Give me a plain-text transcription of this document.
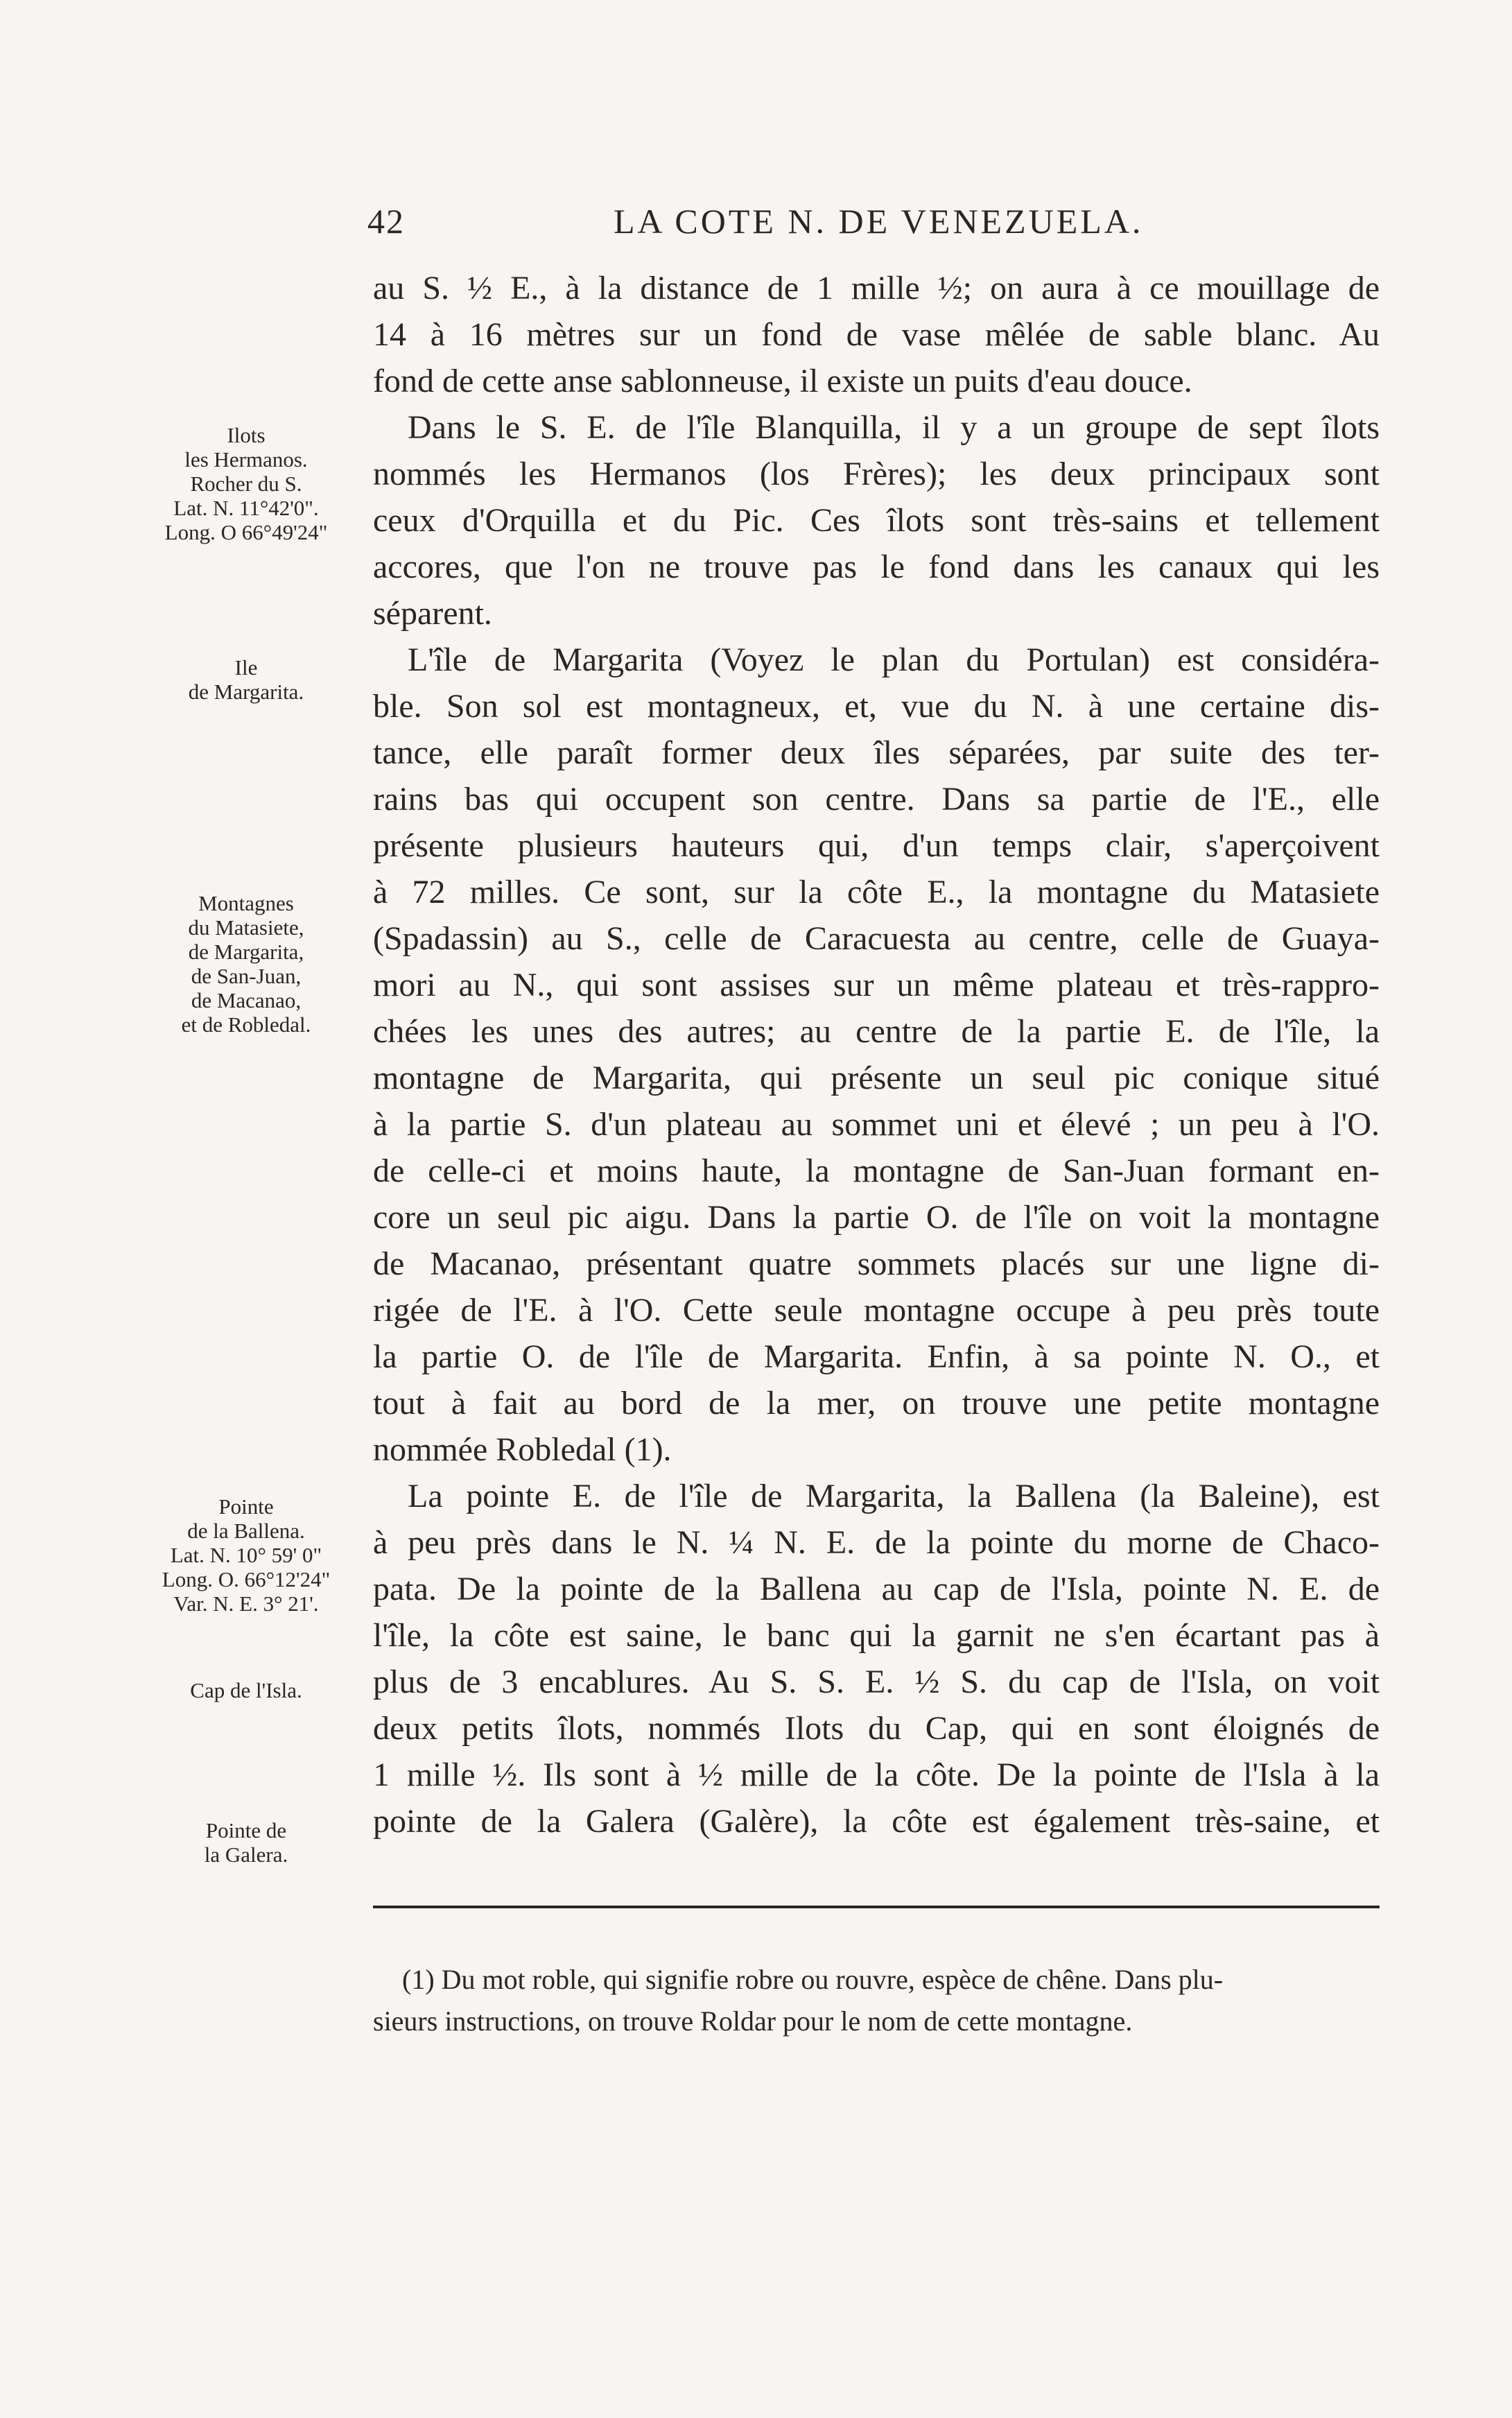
42	LA COTE N. DE VENEZUELA.
au S. ½ E., à la distance de 1 mille ½; on aura à ce mouillage de
14 à 16 mètres sur un fond de vase mêlée de sable blanc. Au
fond de cette anse sablonneuse, il existe un puits d'eau douce.
Dans le S. E. de l'île Blanquilla, il y a un groupe de sept îlots
nommés les Hermanos (los Frères); les deux principaux sont
ceux d'Orquilla et du Pic. Ces îlots sont très-sains et tellement
accores, que l'on ne trouve pas le fond dans les canaux qui les
séparent.
L'île de Margarita (Voyez le plan du Portulan) est considéra-
ble. Son sol est montagneux, et, vue du N. à une certaine dis-
tance, elle paraît former deux îles séparées, par suite des ter-
rains bas qui occupent son centre. Dans sa partie de l'E., elle
présente plusieurs hauteurs qui, d'un temps clair, s'aperçoivent
à 72 milles. Ce sont, sur la côte E., la montagne du Matasiete
(Spadassin) au S., celle de Caracuesta au centre, celle de Guaya-
mori au N., qui sont assises sur un même plateau et très-rappro-
chées les unes des autres; au centre de la partie E. de l'île, la
montagne de Margarita, qui présente un seul pic conique situé
à la partie S. d'un plateau au sommet uni et élevé ; un peu à l'O.
de celle-ci et moins haute, la montagne de San-Juan formant en-
core un seul pic aigu. Dans la partie O. de l'île on voit la montagne
de Macanao, présentant quatre sommets placés sur une ligne di-
rigée de l'E. à l'O. Cette seule montagne occupe à peu près toute
la partie O. de l'île de Margarita. Enfin, à sa pointe N. O., et
tout à fait au bord de la mer, on trouve une petite montagne
nommée Robledal (1).
La pointe E. de l'île de Margarita, la Ballena (la Baleine), est
à peu près dans le N. ¼ N. E. de la pointe du morne de Chaco-
pata. De la pointe de la Ballena au cap de l'Isla, pointe N. E. de
l'île, la côte est saine, le banc qui la garnit ne s'en écartant pas à
plus de 3 encablures. Au S. S. E. ½ S. du cap de l'Isla, on voit
deux petits îlots, nommés Ilots du Cap, qui en sont éloignés de
1 mille ½. Ils sont à ½ mille de la côte. De la pointe de l'Isla à la
pointe de la Galera (Galère), la côte est également très-saine, et
Ilots
les Hermanos.
Rocher du S.
Lat. N. 11°42'0".
Long. O 66°49'24"
Ile
de Margarita.
Montagnes
du Matasiete,
de Margarita,
de San-Juan,
de Macanao,
et de Robledal.
Pointe
de la Ballena.
Lat. N. 10° 59' 0"
Long. O. 66°12'24"
Var. N. E. 3° 21'.
Cap de l'Isla.
Pointe de
la Galera.
(1) Du mot roble, qui signifie robre ou rouvre, espèce de chêne. Dans plu-
sieurs instructions, on trouve Roldar pour le nom de cette montagne.
